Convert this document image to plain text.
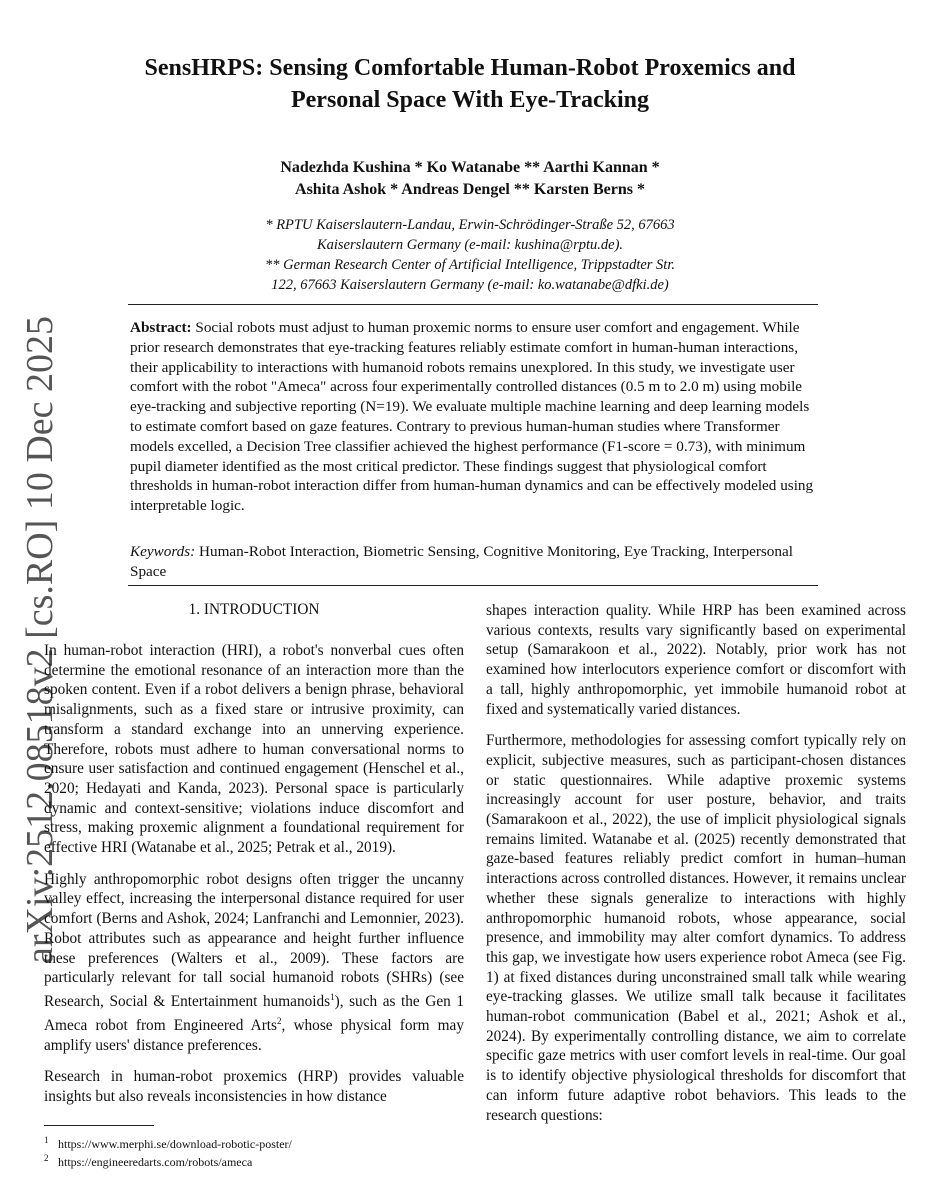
arXiv:2512.08518v2 [cs.RO] 10 Dec 2025
SensHRPS: Sensing Comfortable Human-Robot Proxemics and Personal Space With Eye-Tracking
Nadezhda Kushina * Ko Watanabe ** Aarthi Kannan *
Ashita Ashok * Andreas Dengel ** Karsten Berns *
* RPTU Kaiserslautern-Landau, Erwin-Schrödinger-Straße 52, 67663
Kaiserslautern Germany (e-mail: kushina@rptu.de).
** German Research Center of Artificial Intelligence, Trippstadter Str.
122, 67663 Kaiserslautern Germany (e-mail: ko.watanabe@dfki.de)
Abstract: Social robots must adjust to human proxemic norms to ensure user comfort and engagement. While prior research demonstrates that eye-tracking features reliably estimate comfort in human-human interactions, their applicability to interactions with humanoid robots remains unexplored. In this study, we investigate user comfort with the robot "Ameca" across four experimentally controlled distances (0.5 m to 2.0 m) using mobile eye-tracking and subjective reporting (N=19). We evaluate multiple machine learning and deep learning models to estimate comfort based on gaze features. Contrary to previous human-human studies where Transformer models excelled, a Decision Tree classifier achieved the highest performance (F1-score = 0.73), with minimum pupil diameter identified as the most critical predictor. These findings suggest that physiological comfort thresholds in human-robot interaction differ from human-human dynamics and can be effectively modeled using interpretable logic.
Keywords: Human-Robot Interaction, Biometric Sensing, Cognitive Monitoring, Eye Tracking, Interpersonal Space
1. INTRODUCTION

In human-robot interaction (HRI), a robot's nonverbal cues often determine the emotional resonance of an interaction more than the spoken content. Even if a robot delivers a benign phrase, behavioral misalignments, such as a fixed stare or intrusive proximity, can transform a standard exchange into an unnerving experience. Therefore, robots must adhere to human conversational norms to ensure user satisfaction and continued engagement (Henschel et al., 2020; Hedayati and Kanda, 2023). Personal space is particularly dynamic and context-sensitive; violations induce discomfort and stress, making proxemic alignment a foundational requirement for effective HRI (Watanabe et al., 2025; Petrak et al., 2019).

Highly anthropomorphic robot designs often trigger the uncanny valley effect, increasing the interpersonal distance required for user comfort (Berns and Ashok, 2024; Lanfranchi and Lemonnier, 2023). Robot attributes such as appearance and height further influence these preferences (Walters et al., 2009). These factors are particularly relevant for tall social humanoid robots (SHRs) (see Research, Social & Entertainment humanoids$^1$), such as the Gen 1 Ameca robot from Engineered Arts$^2$, whose physical form may amplify users' distance preferences.

Research in human-robot proxemics (HRP) provides valuable insights but also reveals inconsistencies in how distance

shapes interaction quality. While HRP has been examined across various contexts, results vary significantly based on experimental setup (Samarakoon et al., 2022). Notably, prior work has not examined how interlocutors experience comfort or discomfort with a tall, highly anthropomorphic, yet immobile humanoid robot at fixed and systematically varied distances.

Furthermore, methodologies for assessing comfort typically rely on explicit, subjective measures, such as participant-chosen distances or static questionnaires. While adaptive proxemic systems increasingly account for user posture, behavior, and traits (Samarakoon et al., 2022), the use of implicit physiological signals remains limited. Watanabe et al. (2025) recently demonstrated that gaze-based features reliably predict comfort in human–human interactions across controlled distances. However, it remains unclear whether these signals generalize to interactions with highly anthropomorphic humanoid robots, whose appearance, social presence, and immobility may alter comfort dynamics. To address this gap, we investigate how users experience robot Ameca (see Fig. 1) at fixed distances during unconstrained small talk while wearing eye-tracking glasses. We utilize small talk because it facilitates human-robot communication (Babel et al., 2021; Ashok et al., 2024). By experimentally controlling distance, we aim to correlate specific gaze metrics with user comfort levels in real-time. Our goal is to identify objective physiological thresholds for discomfort that can inform future adaptive robot behaviors. This leads to the research questions:

$^1$ https://www.merphi.se/download-robotic-poster/
$^2$ https://engineeredarts.com/robots/ameca
